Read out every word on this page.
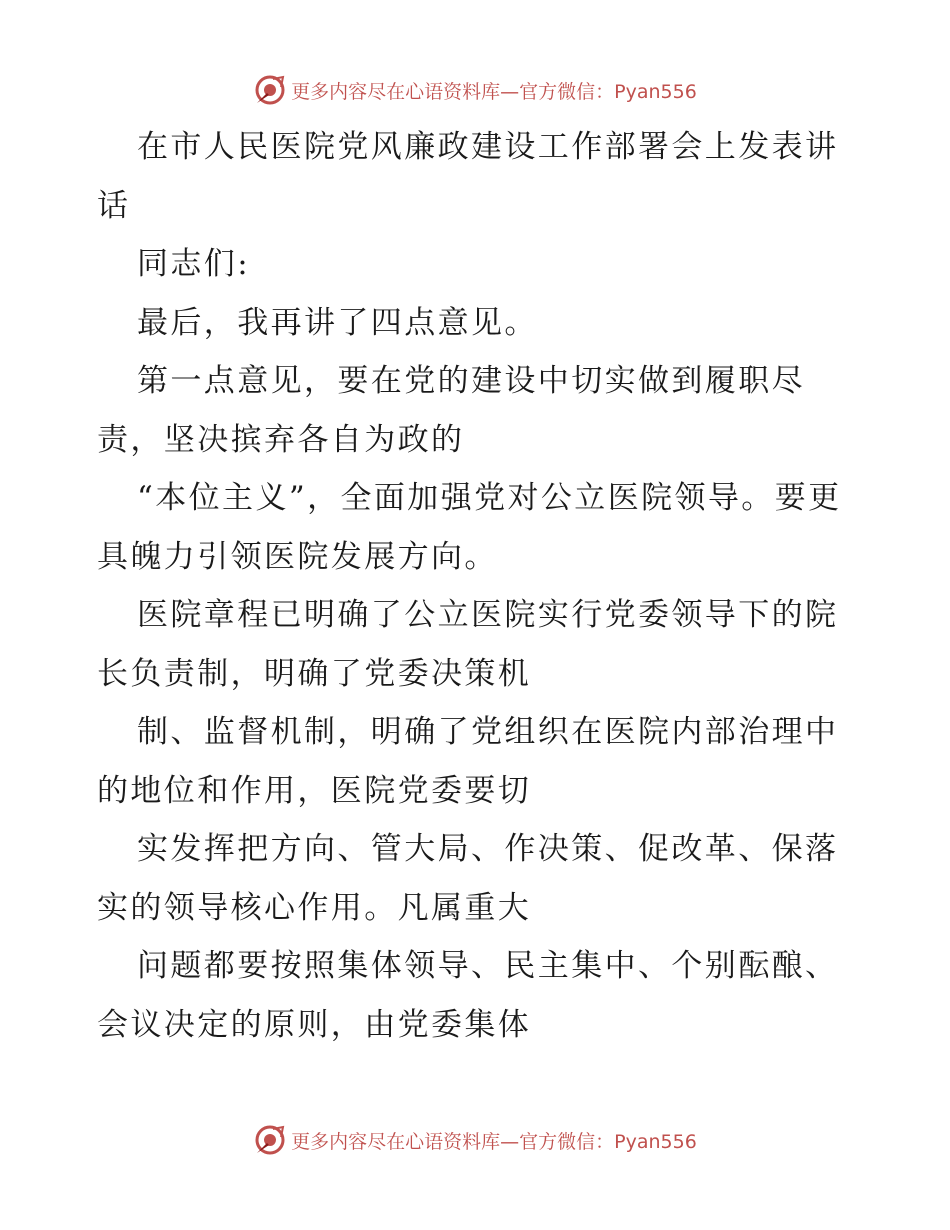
更多内容尽在心语资料库—官方微信：Pyan556

在市人民医院党风廉政建设工作部署会上发表讲话

同志们:

最后，我再讲了四点意见。

第一点意见，要在党的建设中切实做到履职尽责，坚决摈弃各自为政的

“本位主义”，全面加强党对公立医院领导。要更具魄力引领医院发展方向。

医院章程已明确了公立医院实行党委领导下的院长负责制，明确了党委决策机

制、监督机制，明确了党组织在医院内部治理中的地位和作用，医院党委要切

实发挥把方向、管大局、作决策、促改革、保落实的领导核心作用。凡属重大

问题都要按照集体领导、民主集中、个别酝酿、会议决定的原则，由党委集体

更多内容尽在心语资料库—官方微信：Pyan556
